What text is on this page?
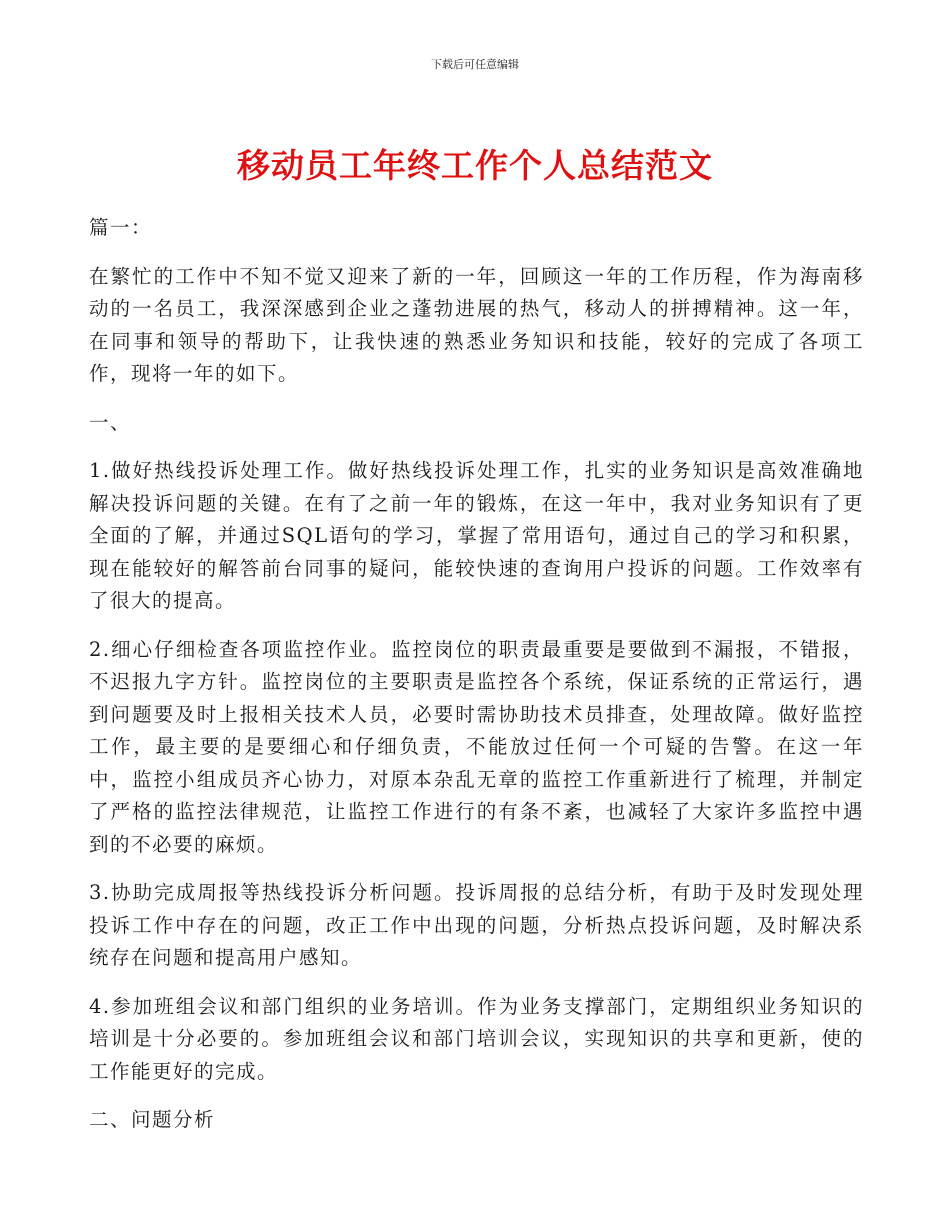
下载后可任意编辑
移动员工年终工作个人总结范文

篇一：

在繁忙的工作中不知不觉又迎来了新的一年，回顾这一年的工作历程，作为海南移动的一名员工，我深深感到企业之蓬勃进展的热气，移动人的拼搏精神。这一年，在同事和领导的帮助下，让我快速的熟悉业务知识和技能，较好的完成了各项工作，现将一年的如下。

一、

1.做好热线投诉处理工作。做好热线投诉处理工作，扎实的业务知识是高效准确地解决投诉问题的关键。在有了之前一年的锻炼，在这一年中，我对业务知识有了更全面的了解，并通过SQL语句的学习，掌握了常用语句，通过自己的学习和积累，现在能较好的解答前台同事的疑问，能较快速的查询用户投诉的问题。工作效率有了很大的提高。

2.细心仔细检查各项监控作业。监控岗位的职责最重要是要做到不漏报，不错报，不迟报九字方针。监控岗位的主要职责是监控各个系统，保证系统的正常运行，遇到问题要及时上报相关技术人员，必要时需协助技术员排查，处理故障。做好监控工作，最主要的是要细心和仔细负责，不能放过任何一个可疑的告警。在这一年中，监控小组成员齐心协力，对原本杂乱无章的监控工作重新进行了梳理，并制定了严格的监控法律规范，让监控工作进行的有条不紊，也减轻了大家许多监控中遇到的不必要的麻烦。

3.协助完成周报等热线投诉分析问题。投诉周报的总结分析，有助于及时发现处理投诉工作中存在的问题，改正工作中出现的问题，分析热点投诉问题，及时解决系统存在问题和提高用户感知。

4.参加班组会议和部门组织的业务培训。作为业务支撑部门，定期组织业务知识的培训是十分必要的。参加班组会议和部门培训会议，实现知识的共享和更新，使的工作能更好的完成。

二、问题分析
